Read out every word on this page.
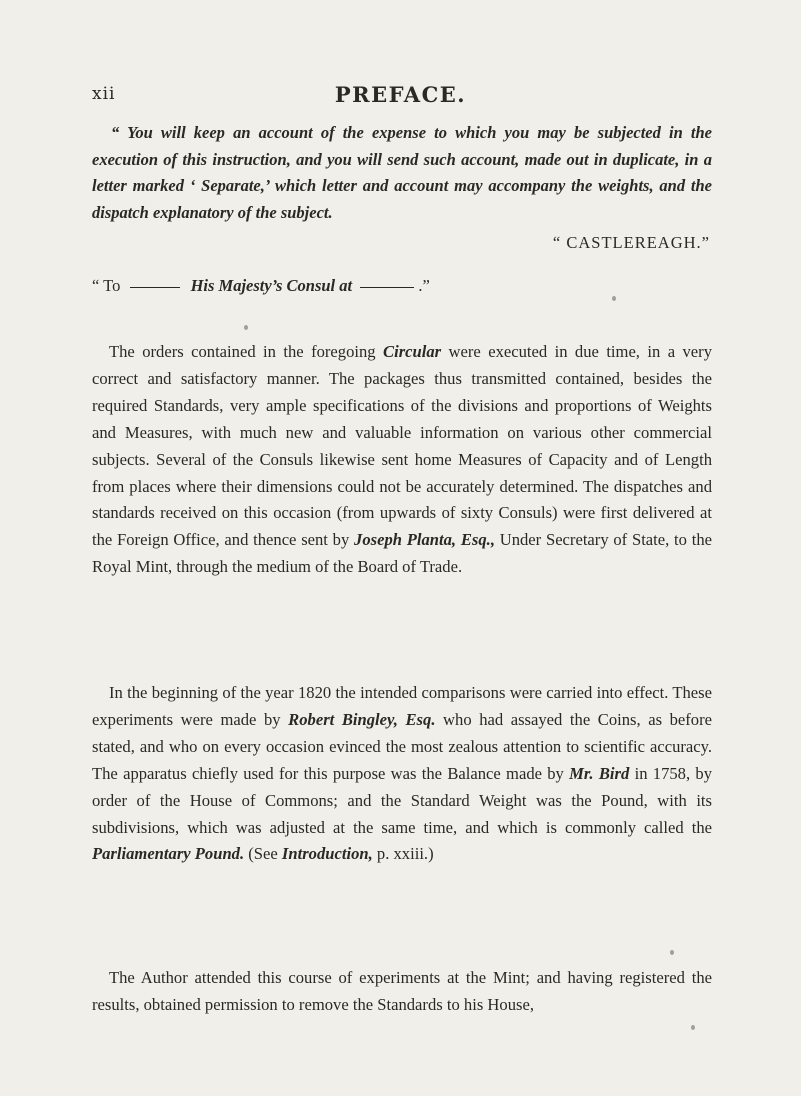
xii	PREFACE.

“ You will keep an account of the expense to which you may be subjected in the execution of this instruction, and you will send such account, made out in duplicate, in a letter marked ‘ Separate,’ which letter and account may accompany the weights, and the dispatch explanatory of the subject.

“ CASTLEREAGH.”
“ To	His Majesty’s Consul at	.”

The orders contained in the foregoing Circular were executed in due time, in a very correct and satisfactory manner. The packages thus transmitted contained, besides the required Standards, very ample specifications of the divisions and proportions of Weights and Measures, with much new and valuable information on various other commercial subjects. Several of the Consuls likewise sent home Measures of Capacity and of Length from places where their dimensions could not be accurately determined. The dispatches and standards received on this occasion (from upwards of sixty Consuls) were first delivered at the Foreign Office, and thence sent by Joseph Planta, Esq., Under Secretary of State, to the Royal Mint, through the medium of the Board of Trade.

In the beginning of the year 1820 the intended comparisons were carried into effect. These experiments were made by Robert Bingley, Esq. who had assayed the Coins, as before stated, and who on every occasion evinced the most zealous attention to scientific accuracy. The apparatus chiefly used for this purpose was the Balance made by Mr. Bird in 1758, by order of the House of Commons; and the Standard Weight was the Pound, with its subdivisions, which was adjusted at the same time, and which is commonly called the Parliamentary Pound. (See Introduction, p. xxiii.)

The Author attended this course of experiments at the Mint; and having registered the results, obtained permission to remove the Standards to his House,
